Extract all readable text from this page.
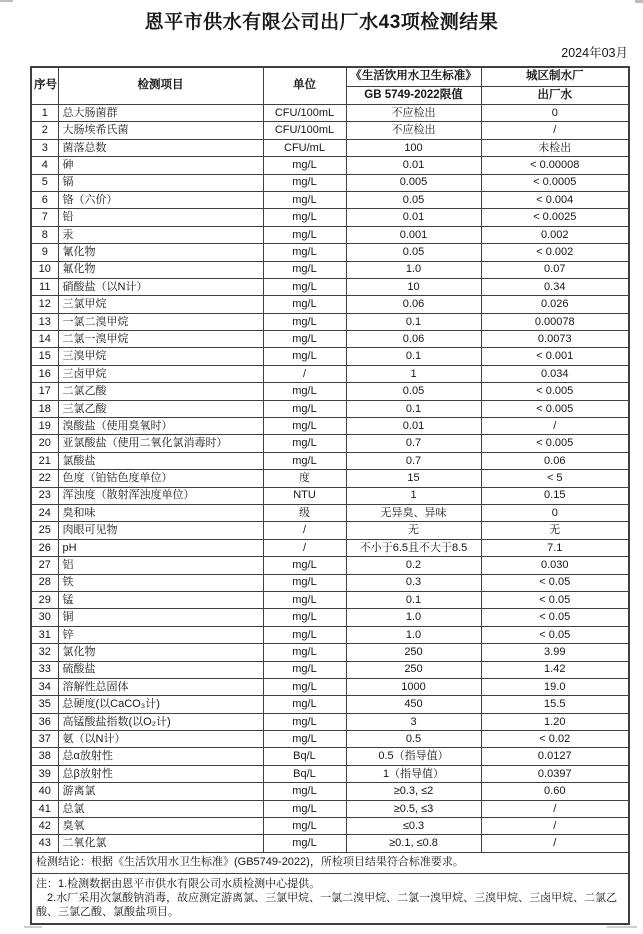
恩平市供水有限公司出厂水43项检测结果
2024年03月
序号	检测项目	单位	《生活饮用水卫生标准》	城区制水厂
			GB 5749-2022限值	出厂水
1	总大肠菌群	CFU/100mL	不应检出	0
2	大肠埃希氏菌	CFU/100mL	不应检出	/
3	菌落总数	CFU/mL	100	未检出
4	砷	mg/L	0.01	< 0.00008
5	镉	mg/L	0.005	< 0.0005
6	铬（六价）	mg/L	0.05	< 0.004
7	铅	mg/L	0.01	< 0.0025
8	汞	mg/L	0.001	0.002
9	氰化物	mg/L	0.05	< 0.002
10	氟化物	mg/L	1.0	0.07
11	硝酸盐（以N计）	mg/L	10	0.34
12	三氯甲烷	mg/L	0.06	0.026
13	一氯二溴甲烷	mg/L	0.1	0.00078
14	二氯一溴甲烷	mg/L	0.06	0.0073
15	三溴甲烷	mg/L	0.1	< 0.001
16	三卤甲烷	/	1	0.034
17	二氯乙酸	mg/L	0.05	< 0.005
18	三氯乙酸	mg/L	0.1	< 0.005
19	溴酸盐（使用臭氧时）	mg/L	0.01	/
20	亚氯酸盐（使用二氧化氯消毒时）	mg/L	0.7	< 0.005
21	氯酸盐	mg/L	0.7	0.06
22	色度（铂钴色度单位）	度	15	< 5
23	浑浊度（散射浑浊度单位）	NTU	1	0.15
24	臭和味	级	无异臭、异味	0
25	肉眼可见物	/	无	无
26	pH	/	不小于6.5且不大于8.5	7.1
27	铝	mg/L	0.2	0.030
28	铁	mg/L	0.3	< 0.05
29	锰	mg/L	0.1	< 0.05
30	铜	mg/L	1.0	< 0.05
31	锌	mg/L	1.0	< 0.05
32	氯化物	mg/L	250	3.99
33	硫酸盐	mg/L	250	1.42
34	溶解性总固体	mg/L	1000	19.0
35	总硬度(以CaCO₃计)	mg/L	450	15.5
36	高锰酸盐指数(以O₂计)	mg/L	3	1.20
37	氨（以N计）	mg/L	0.5	< 0.02
38	总α放射性	Bq/L	0.5（指导值）	0.0127
39	总β放射性	Bq/L	1（指导值）	0.0397
40	游离氯	mg/L	≥0.3, ≤2	0.60
41	总氯	mg/L	≥0.5, ≤3	/
42	臭氧	mg/L	≤0.3	/
43	二氧化氯	mg/L	≥0.1, ≤0.8	/
检测结论：根据《生活饮用水卫生标准》(GB5749-2022)，所检项目结果符合标准要求。				

注：1.检测数据由恩平市供水有限公司水质检测中心提供。
2.水厂采用次氯酸钠消毒，故应测定游离氯、三氯甲烷、一氯二溴甲烷、二氯一溴甲烷、三溴甲烷、三卤甲烷、二氯乙酸、三氯乙酸、氯酸盐项目。				
